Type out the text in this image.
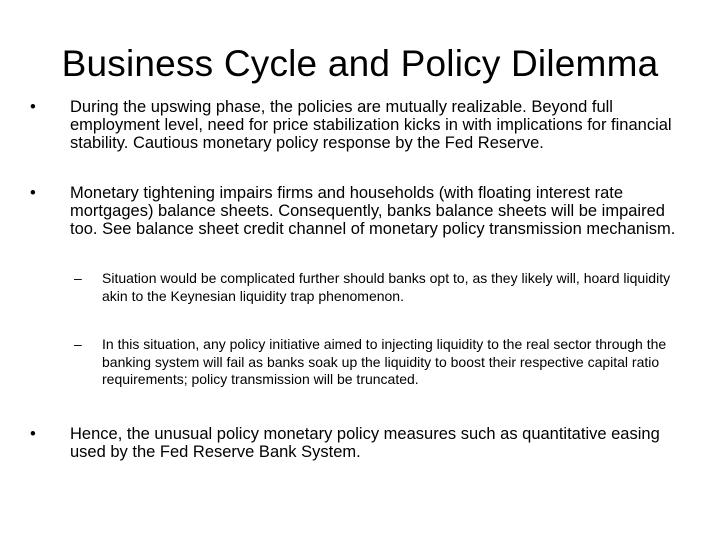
Business Cycle and Policy Dilemma
•	During the upswing phase, the policies are mutually realizable. Beyond full employment level, need for price stabilization kicks in with implications for financial stability. Cautious monetary policy response by the Fed Reserve.
•	Monetary tightening impairs firms and households (with floating interest rate mortgages) balance sheets. Consequently, banks balance sheets will be impaired too. See balance sheet credit channel of monetary policy transmission mechanism.
–	Situation would be complicated further should banks opt to, as they likely will, hoard liquidity akin to the Keynesian liquidity trap phenomenon.
–	In this situation, any policy initiative aimed to injecting liquidity to the real sector through the banking system will fail as banks soak up the liquidity to boost their respective capital ratio requirements; policy transmission will be truncated.
•	Hence, the unusual policy monetary policy measures such as quantitative easing used by the Fed Reserve Bank System.
